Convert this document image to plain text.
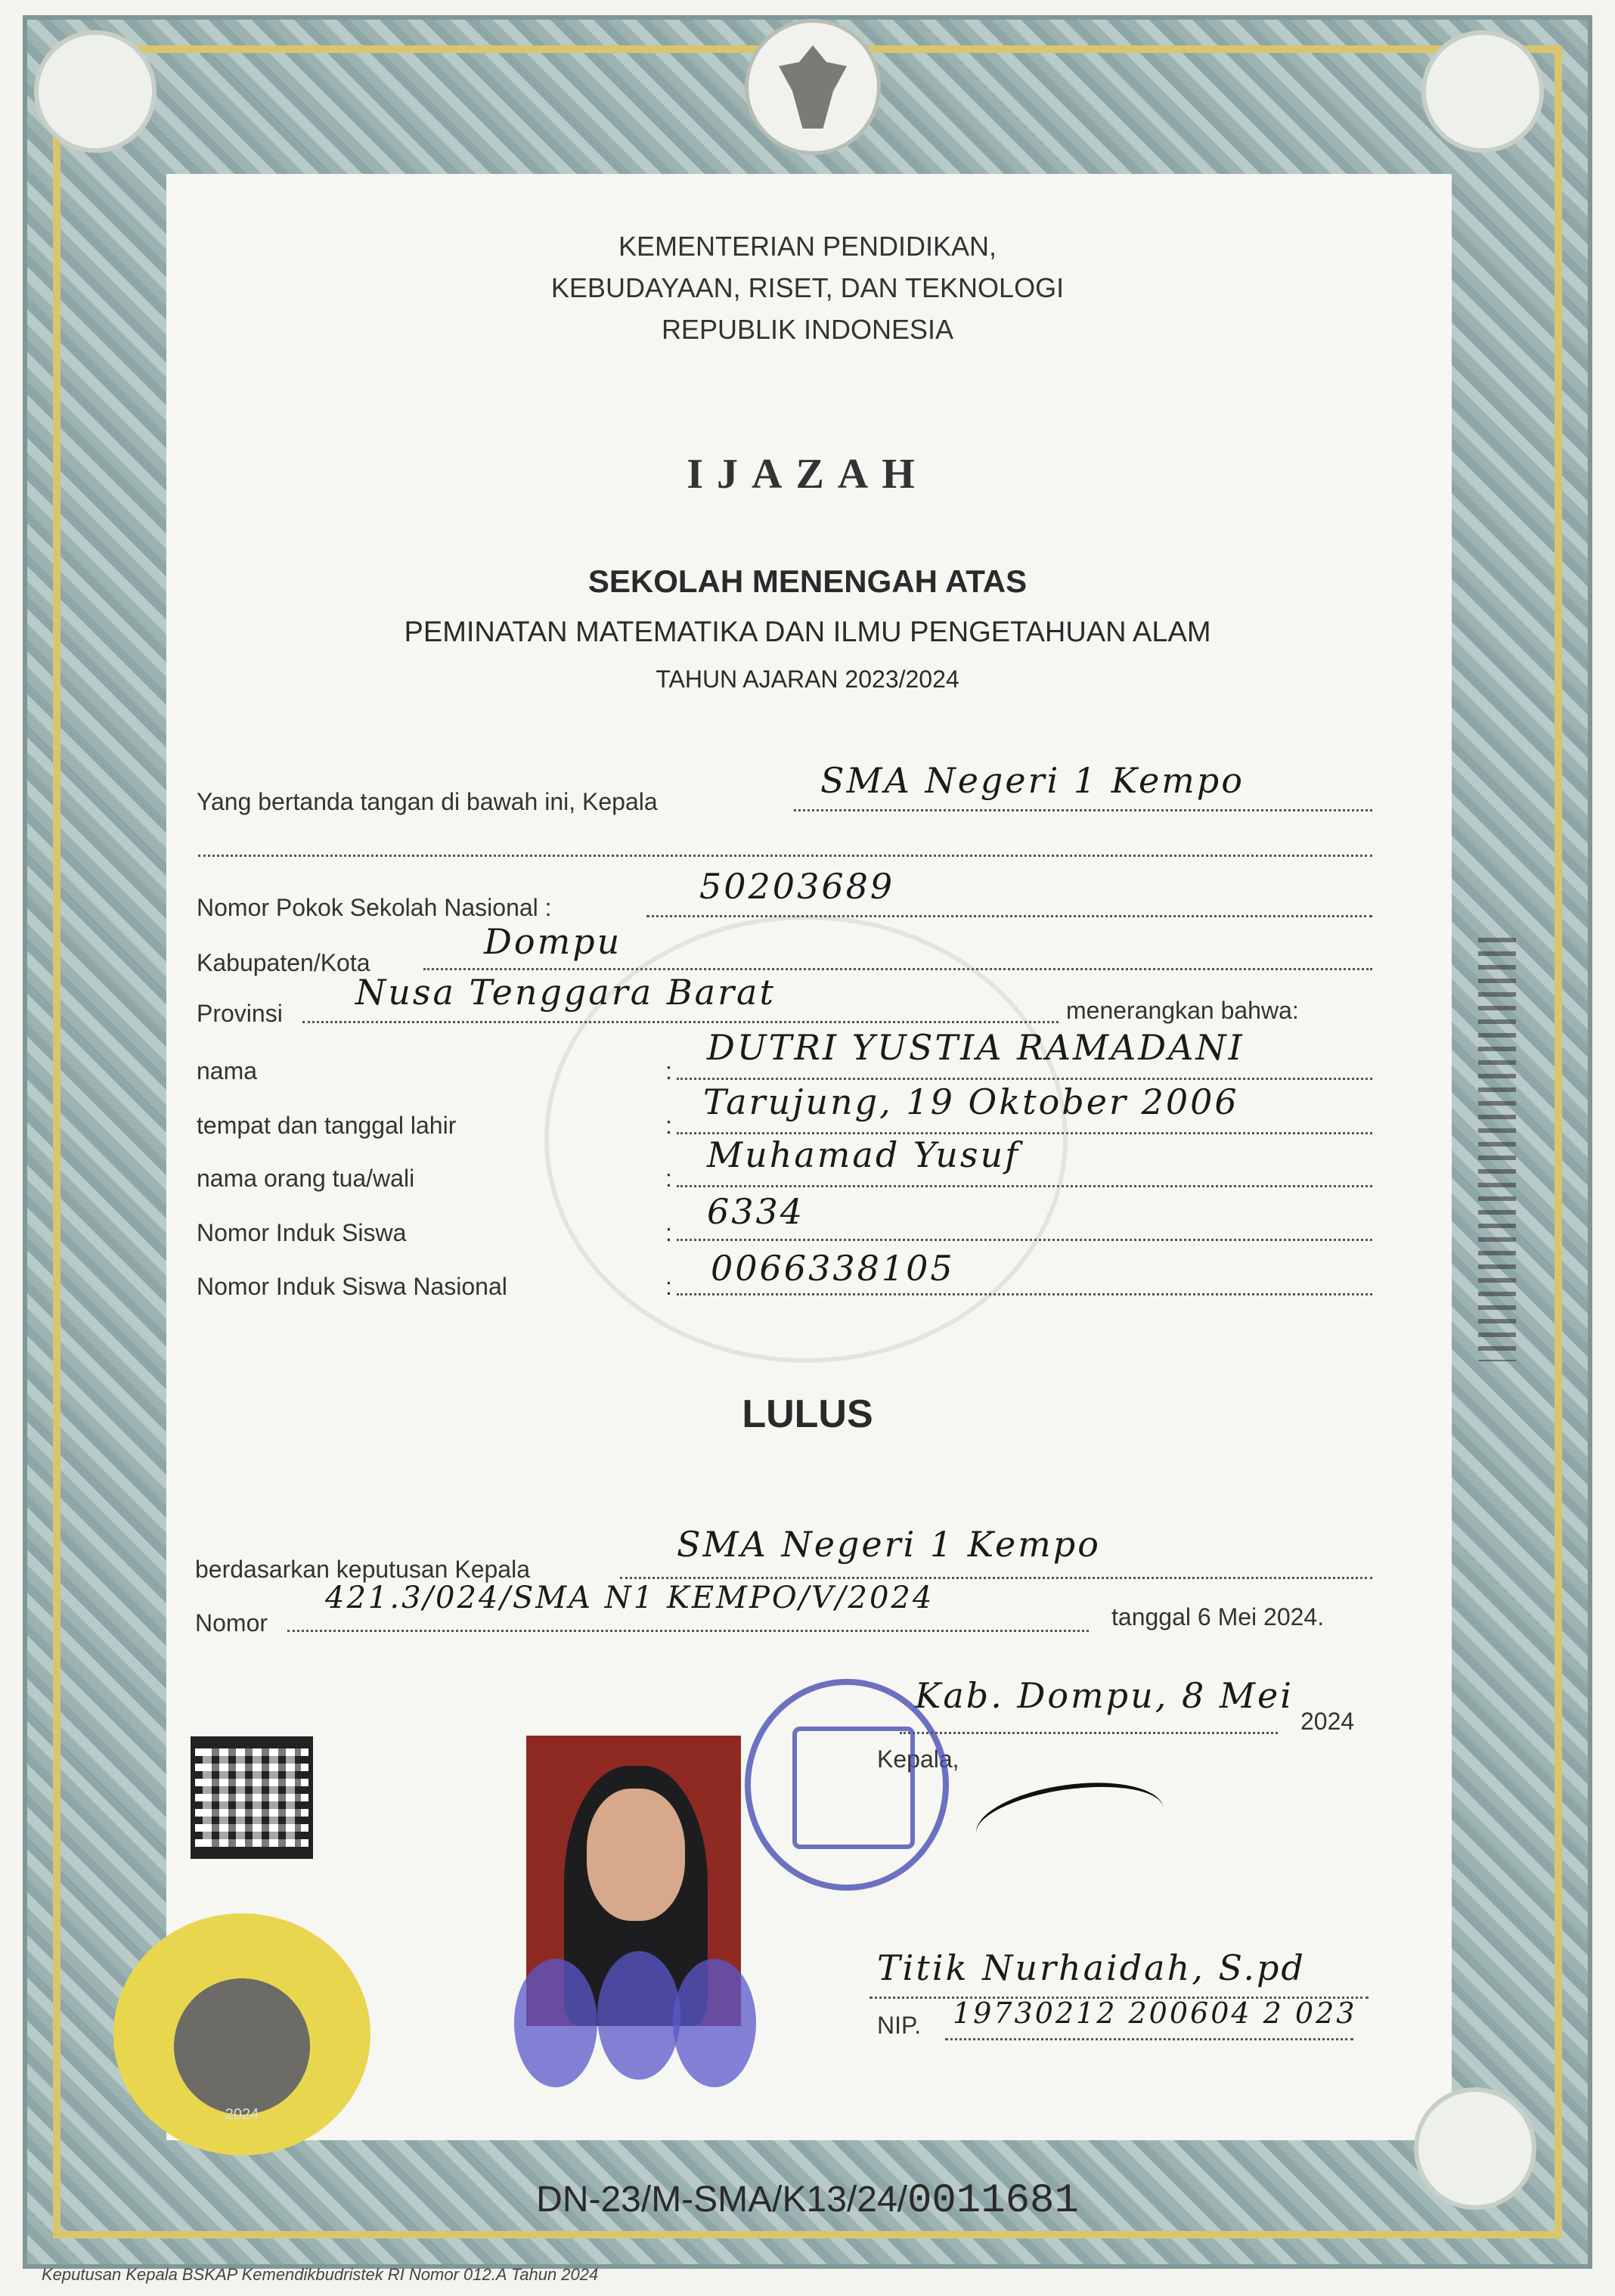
KEMENTERIAN PENDIDIKAN,
KEBUDAYAAN, RISET, DAN TEKNOLOGI
REPUBLIK INDONESIA
IJAZAH
SEKOLAH MENENGAH ATAS
PEMINATAN MATEMATIKA DAN ILMU PENGETAHUAN ALAM
TAHUN AJARAN 2023/2024
Yang bertanda tangan di bawah ini, Kepala
SMA Negeri 1 Kempo
Nomor Pokok Sekolah Nasional :
50203689
Kabupaten/Kota
Dompu
Provinsi
Nusa Tenggara Barat	menerangkan bahwa:
nama	:
DUTRI YUSTIA RAMADANI
tempat dan tanggal lahir	:
Tarujung, 19 Oktober 2006
nama orang tua/wali	:
Muhamad Yusuf
Nomor Induk Siswa	:
6334
Nomor Induk Siswa Nasional	: 0066338105
LULUS
berdasarkan keputusan Kepala
SMA Negeri 1 Kempo
Nomor
421.3/024/SMA N1 KEMPO/V/2024
tanggal 6 Mei 2024.
Kab. Dompu, 8 Mei
2024
Kepala,
Titik Nurhaidah, S.pd
NIP. 19730212 200604 2 023
2024
DN-23/M-SMA/K13/24/0011681
Keputusan Kepala BSKAP Kemendikbudristek RI Nomor 012.A Tahun 2024
